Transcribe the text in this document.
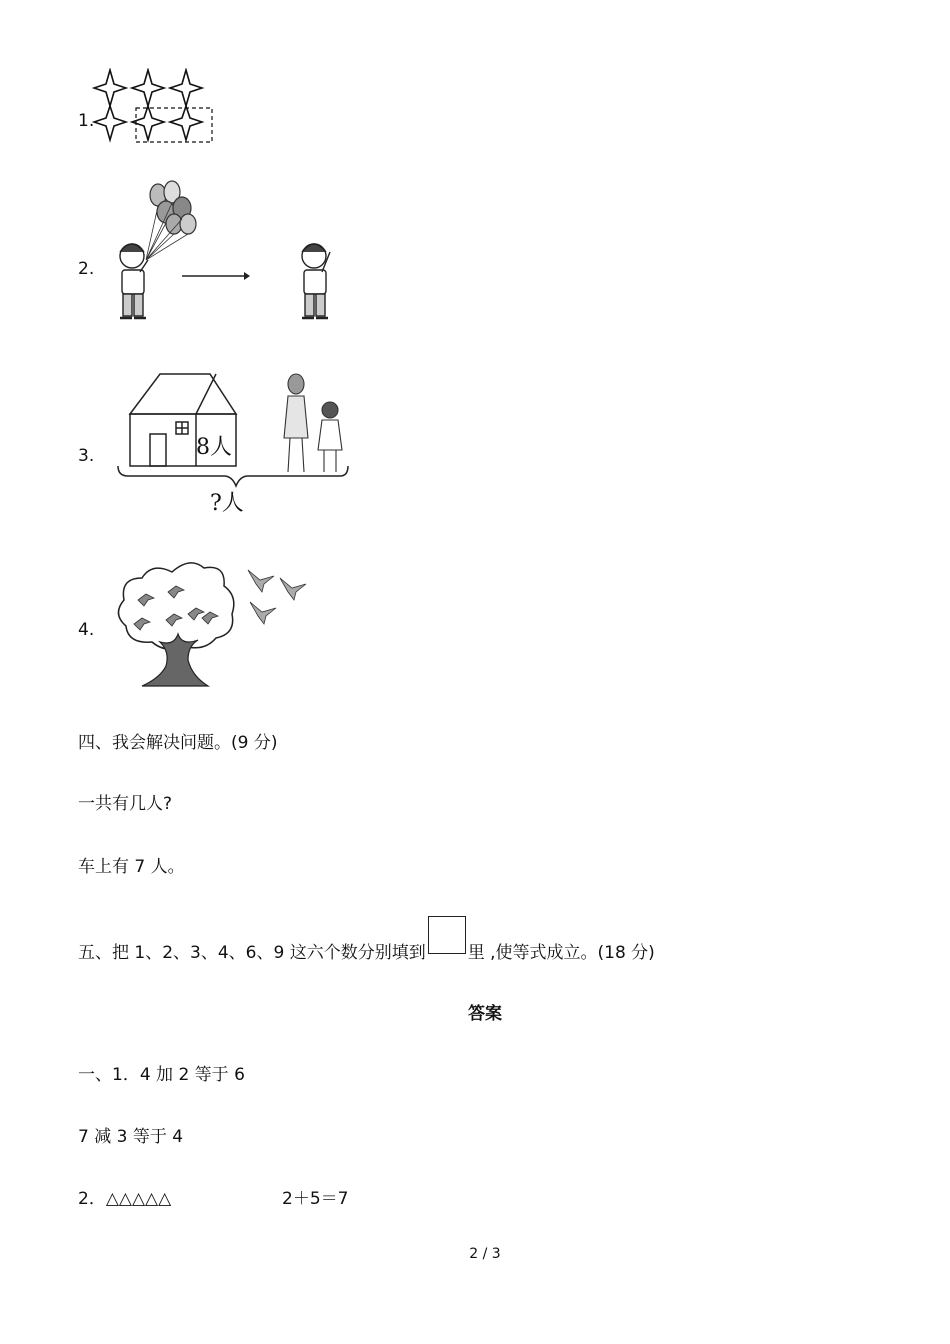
1.
2.
3.	8人
?人
4.
四、我会解决问题。(9 分)
一共有几人?
车上有 7 人。
五、把 1、2、3、4、6、9 这六个数分别填到 里 ,使等式成立。(18 分)
答案
一、1．4 加 2 等于 6
7 减 3 等于 4
2．△△△△△	2＋5＝7
2 / 3
